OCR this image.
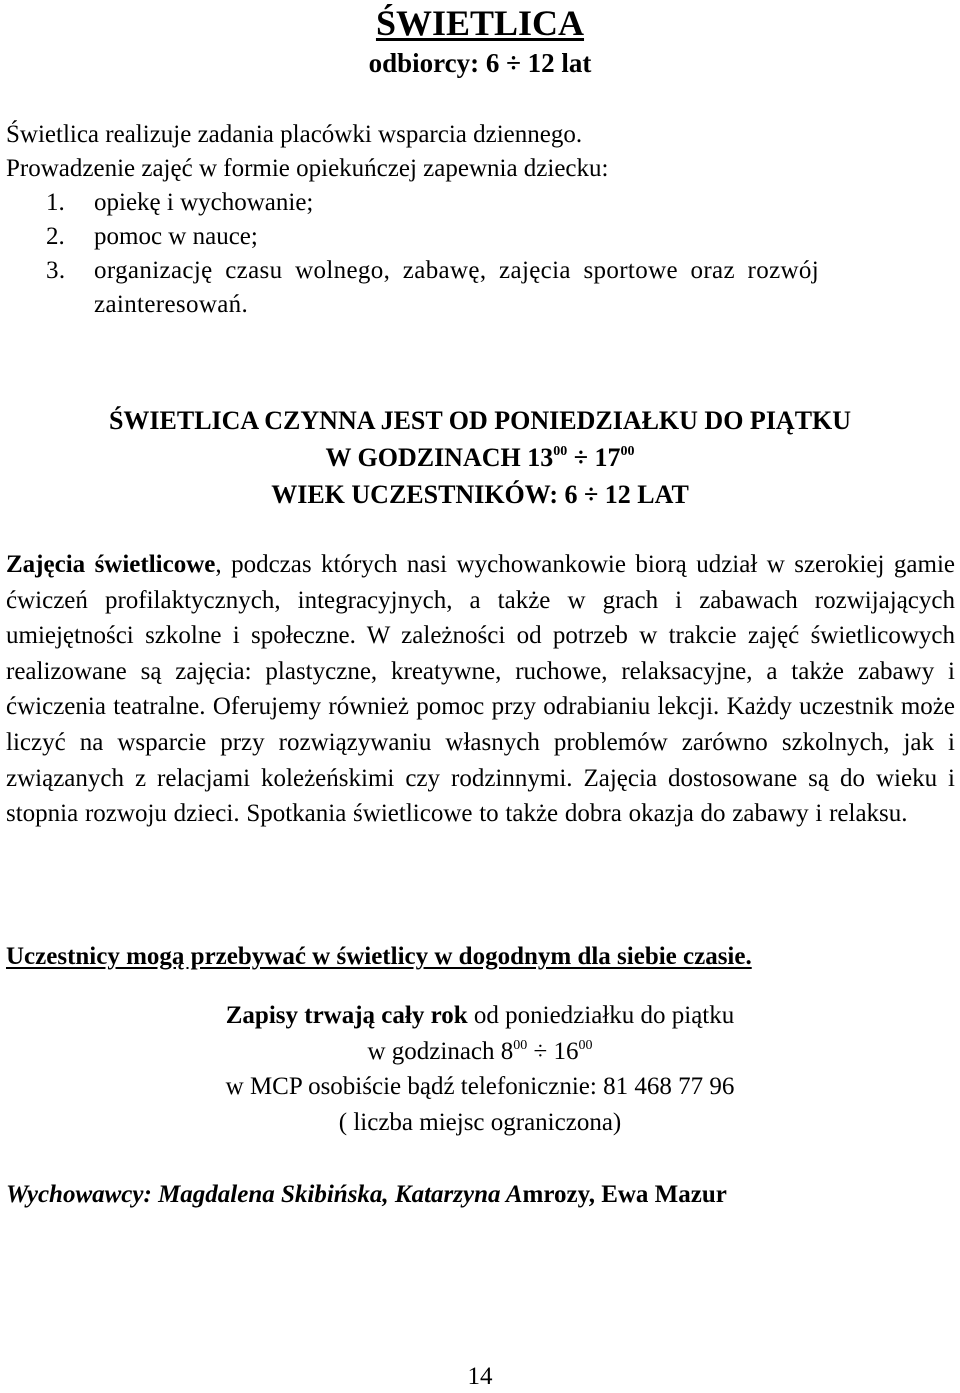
ŚWIETLICA
odbiorcy: 6 ÷ 12 lat

Świetlica realizuje zadania placówki wsparcia dziennego.

Prowadzenie zajęć w formie opiekuńczej zapewnia dziecku:

1. opiekę i wychowanie;
2. pomoc w nauce;
3. organizację czasu wolnego, zabawę, zajęcia sportowe oraz rozwój zainteresowań.
ŚWIETLICA CZYNNA JEST OD PONIEDZIAŁKU DO PIĄTKU
W GODZINACH $13^{00} \div 17^{00}$
WIEK UCZESTNIKÓW: 6 ÷ 12 LAT
Zajęcia świetlicowe, podczas których nasi wychowankowie biorą udział w szerokiej gamie ćwiczeń profilaktycznych, integracyjnych, a także w grach i zabawach rozwijających umiejętności szkolne i społeczne. W zależności od potrzeb w trakcie zajęć świetlicowych realizowane są zajęcia: plastyczne, kreatywne, ruchowe, relaksacyjne, a także zabawy i ćwiczenia teatralne. Oferujemy również pomoc przy odrabianiu lekcji. Każdy uczestnik może liczyć na wsparcie przy rozwiązywaniu własnych problemów zarówno szkolnych, jak i związanych z relacjami koleżeńskimi czy rodzinnymi. Zajęcia dostosowane są do wieku i stopnia rozwoju dzieci. Spotkania świetlicowe to także dobra okazja do zabawy i relaksu.
Uczestnicy mogą przebywać w świetlicy w dogodnym dla siebie czasie.
Zapisy trwają cały rok od poniedziałku do piątku
w godzinach $8^{00} \div 16^{00}$
w MCP osobiście bądź telefonicznie: 81 468 77 96
( liczba miejsc ograniczona)
Wychowawcy: Magdalena Skibińska, Katarzyna Amrozy, Ewa Mazur
14
